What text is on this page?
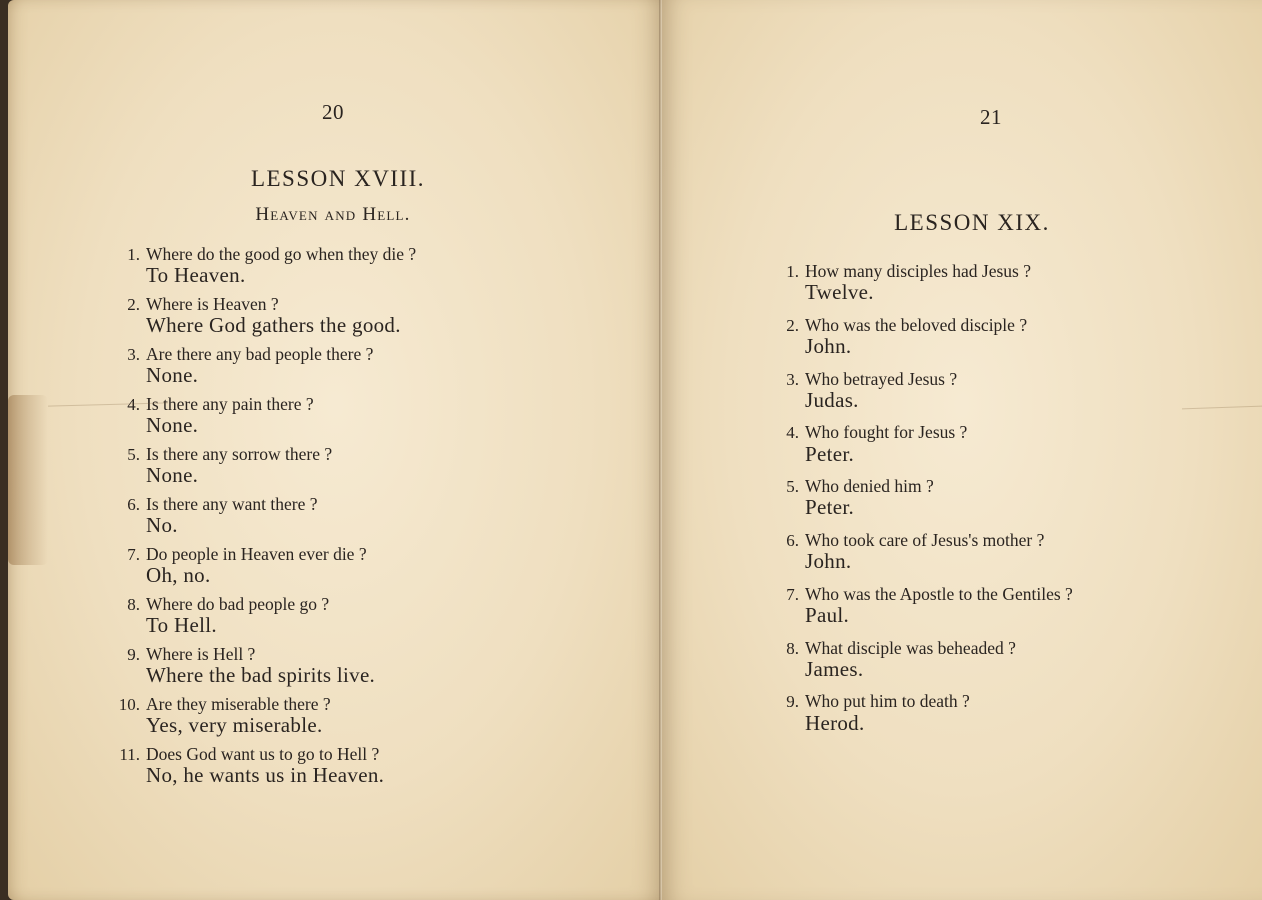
20
LESSON XVIII.
Heaven and Hell.
1. Where do the good go when they die ?
To Heaven.
2. Where is Heaven ?
Where God gathers the good.
3. Are there any bad people there ?
None.
4. Is there any pain there ?
None.
5. Is there any sorrow there ?
None.
6. Is there any want there ?
No.
7. Do people in Heaven ever die ?
Oh, no.
8. Where do bad people go ?
To Hell.
9. Where is Hell ?
Where the bad spirits live.
10. Are they miserable there ?
Yes, very miserable.
11. Does God want us to go to Hell ?
No, he wants us in Heaven.
21
LESSON XIX.
1. How many disciples had Jesus ?
Twelve.
2. Who was the beloved disciple ?
John.
3. Who betrayed Jesus ?
Judas.
4. Who fought for Jesus ?
Peter.
5. Who denied him ?
Peter.
6. Who took care of Jesus's mother ?
John.
7. Who was the Apostle to the Gentiles ?
Paul.
8. What disciple was beheaded ?
James.
9. Who put him to death ?
Herod.
